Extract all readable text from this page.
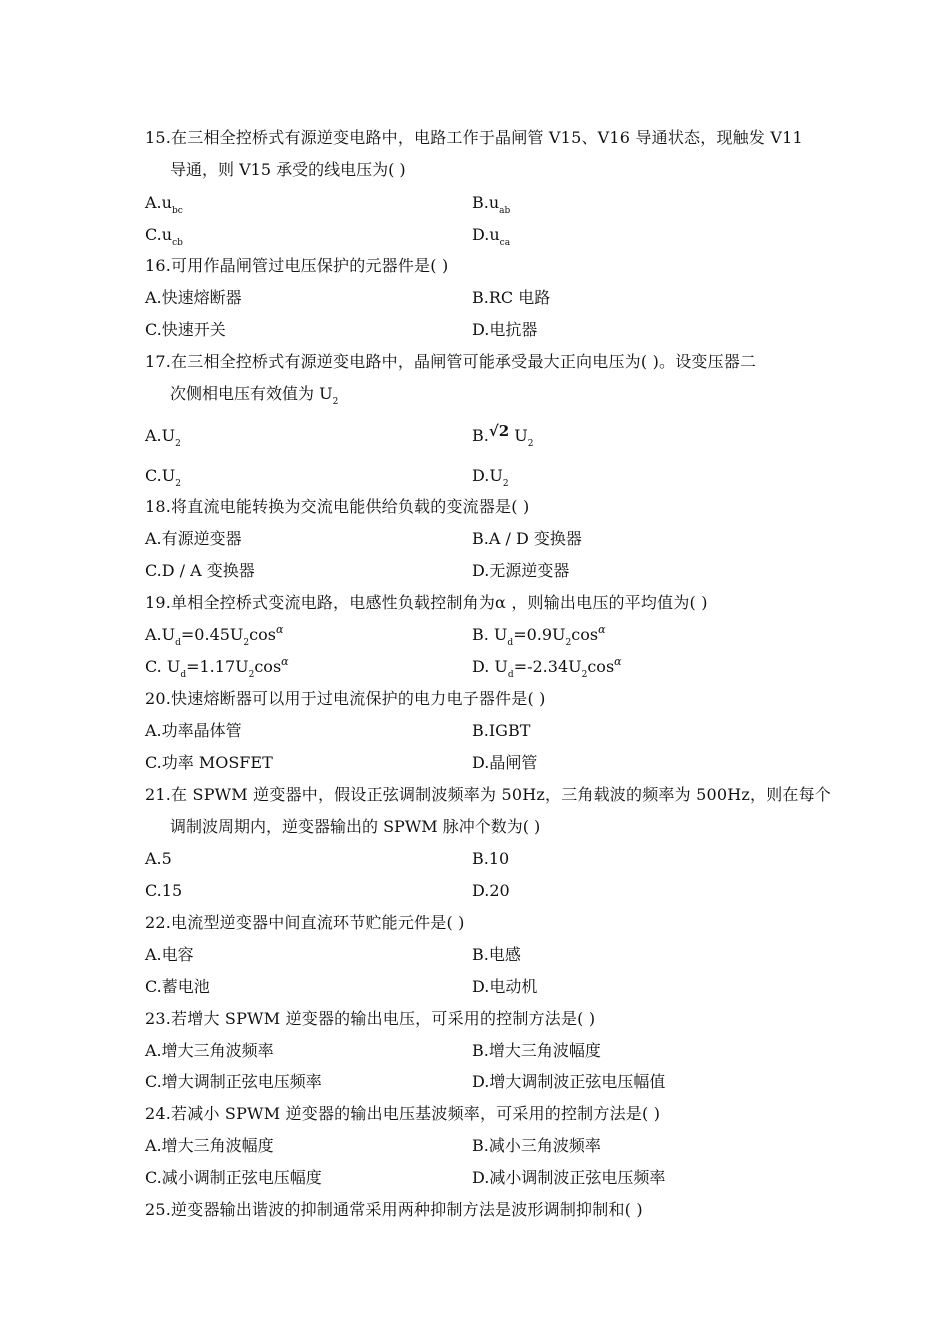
15.在三相全控桥式有源逆变电路中，电路工作于晶闸管 V15、V16 导通状态，现触发 V11
导通，则 V15 承受的线电压为( )
$A.u_{bc}$	$B.u_{ab}$
$C.u_{cb}$	$D.u_{ca}$
16.可用作晶闸管过电压保护的元器件是( )
A.快速熔断器	B.RC 电路
C.快速开关	D.电抗器
17.在三相全控桥式有源逆变电路中，晶闸管可能承受最大正向电压为( )。设变压器二
次侧相电压有效值为 $U_2$
$A.U_2$	B.√2 $U_2$
$C.U_2$	$D.U_2$
18.将直流电能转换为交流电能供给负载的变流器是( )
A.有源逆变器	B.A / D 变换器
C.D / A 变换器	D.无源逆变器
19.单相全控桥式变流电路，电感性负载控制角为α ，则输出电压的平均值为( )
$A.U_d=0.45U_2\cos^\alpha$	B. $U_d=0.9U_2\cos^\alpha$
C. $U_d=1.17U_2\cos^\alpha$	D. $U_d=-2.34U_2\cos^\alpha$
20.快速熔断器可以用于过电流保护的电力电子器件是( )
A.功率晶体管	B.IGBT
C.功率 MOSFET	D.晶闸管
21.在 SPWM 逆变器中，假设正弦调制波频率为 50Hz，三角载波的频率为 500Hz，则在每个
调制波周期内，逆变器输出的 SPWM 脉冲个数为( )
A.5	B.10
C.15	D.20
22.电流型逆变器中间直流环节贮能元件是( )
A.电容	B.电感
C.蓄电池	D.电动机
23.若增大 SPWM 逆变器的输出电压，可采用的控制方法是( )
A.增大三角波频率	B.增大三角波幅度
C.增大调制正弦电压频率	D.增大调制波正弦电压幅值
24.若减小 SPWM 逆变器的输出电压基波频率，可采用的控制方法是( )
A.增大三角波幅度	B.减小三角波频率
C.减小调制正弦电压幅度	D.减小调制波正弦电压频率
25.逆变器输出谐波的抑制通常采用两种抑制方法是波形调制抑制和( )
